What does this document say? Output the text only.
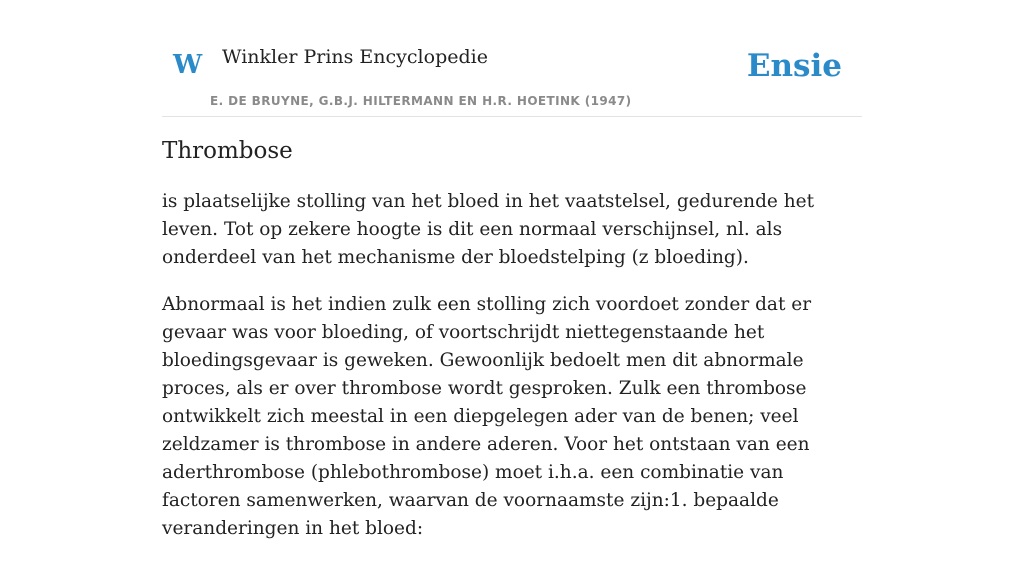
W Winkler Prins Encyclopedie
E. DE BRUYNE, G.B.J. HILTERMANN EN H.R. HOETINK (1947)
Ensie
Thrombose

is plaatselijke stolling van het bloed in het vaatstelsel, gedurende het leven. Tot op zekere hoogte is dit een normaal verschijnsel, nl. als onderdeel van het mechanisme der bloedstelping (z bloeding).

Abnormaal is het indien zulk een stolling zich voordoet zonder dat er gevaar was voor bloeding, of voortschrijdt niettegenstaande het bloedingsgevaar is geweken. Gewoonlijk bedoelt men dit abnormale proces, als er over thrombose wordt gesproken. Zulk een thrombose ontwikkelt zich meestal in een diepgelegen ader van de benen; veel zeldzamer is thrombose in andere aderen. Voor het ontstaan van een aderthrombose (phlebothrombose) moet i.h.a. een combinatie van factoren samenwerken, waarvan de voornaamste zijn:1. bepaalde veranderingen in het bloed:
